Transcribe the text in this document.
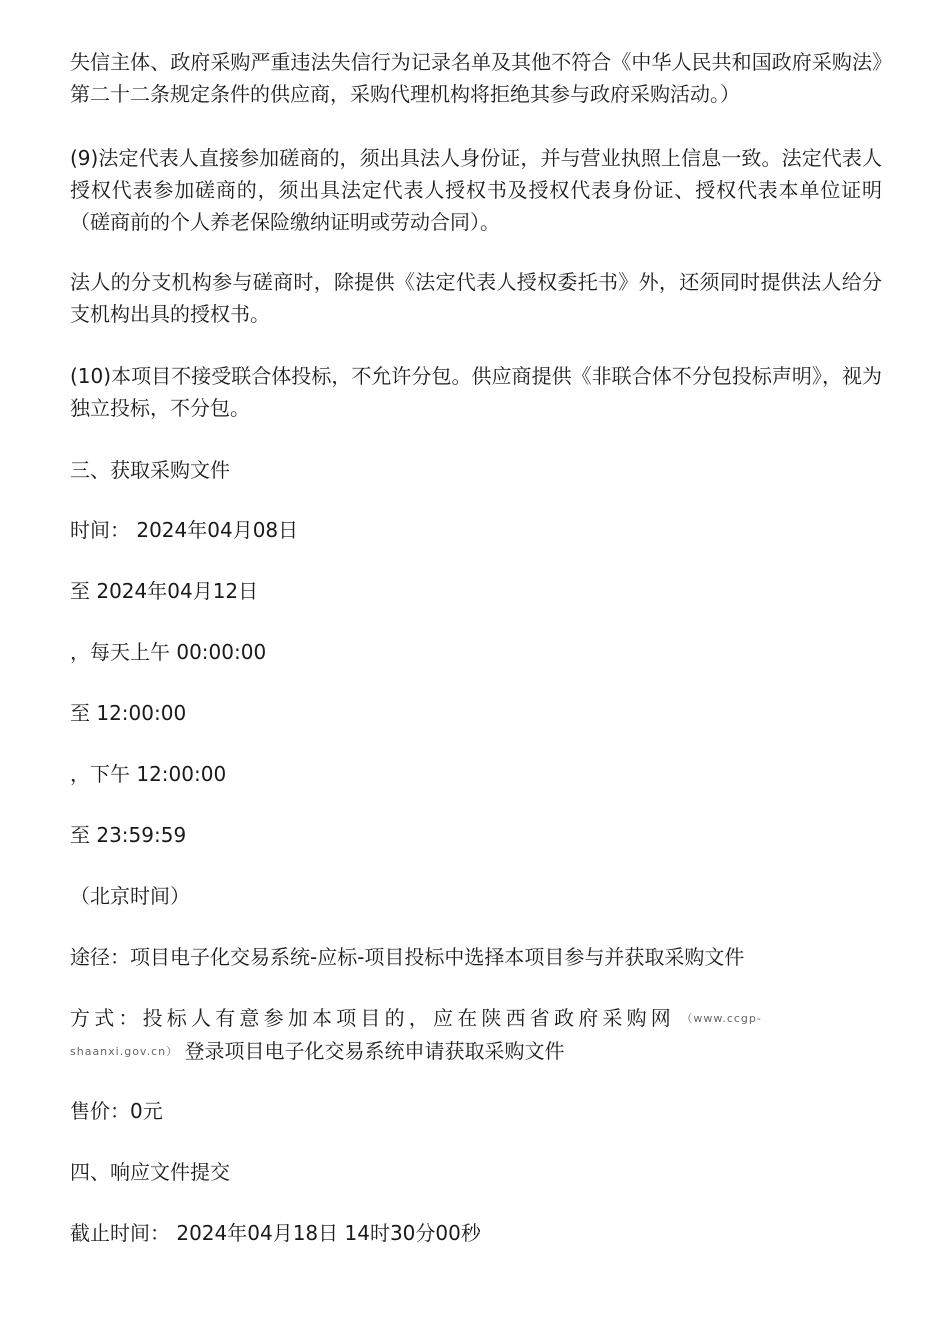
失信主体、政府采购严重违法失信行为记录名单及其他不符合《中华人民共和国政府采购法》第二十二条规定条件的供应商，采购代理机构将拒绝其参与政府采购活动。）

(9)法定代表人直接参加磋商的，须出具法人身份证，并与营业执照上信息一致。法定代表人授权代表参加磋商的，须出具法定代表人授权书及授权代表身份证、授权代表本单位证明（磋商前的个人养老保险缴纳证明或劳动合同）。

法人的分支机构参与磋商时，除提供《法定代表人授权委托书》外，还须同时提供法人给分支机构出具的授权书。

(10)本项目不接受联合体投标，不允许分包。供应商提供《非联合体不分包投标声明》，视为独立投标，不分包。

三、获取采购文件

时间： 2024年04月08日

至 2024年04月12日

，每天上午 00:00:00

至 12:00:00

，下午 12:00:00

至 23:59:59

（北京时间）

途径：项目电子化交易系统-应标-项目投标中选择本项目参与并获取采购文件

方式：投标人有意参加本项目的，应在陕西省政府采购网 （www.ccgp-
shaanxi.gov.cn） 登录项目电子化交易系统申请获取采购文件

售价：0元

四、响应文件提交

截止时间： 2024年04月18日 14时30分00秒
